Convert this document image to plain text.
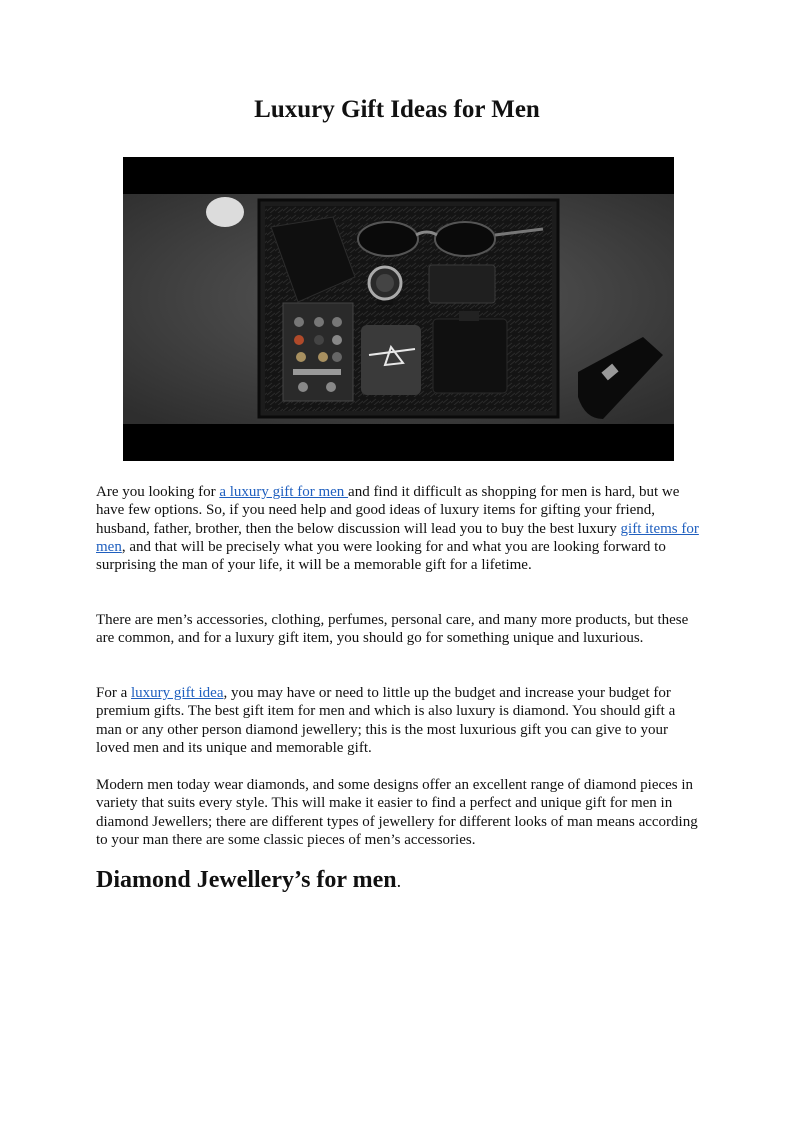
Luxury Gift Ideas for Men

Are you looking for a luxury gift for men and find it difficult as shopping for men is hard, but we have few options. So, if you need help and good ideas of luxury items for gifting your friend, husband, father, brother, then the below discussion will lead you to buy the best luxury gift items for men, and that will be precisely what you were looking for and what you are looking forward to surprising the man of your life, it will be a memorable gift for a lifetime.

There are men’s accessories, clothing, perfumes, personal care, and many more products, but these are common, and for a luxury gift item, you should go for something unique and luxurious.

For a luxury gift idea, you may have or need to little up the budget and increase your budget for premium gifts. The best gift item for men and which is also luxury is diamond. You should gift a man or any other person diamond jewellery; this is the most luxurious gift you can give to your loved men and its unique and memorable gift.

Modern men today wear diamonds, and some designs offer an excellent range of diamond pieces in variety that suits every style. This will make it easier to find a perfect and unique gift for men in diamond Jewellers; there are different types of jewellery for different looks of man means according to your man there are some classic pieces of men’s accessories.

Diamond Jewellery’s for men.
